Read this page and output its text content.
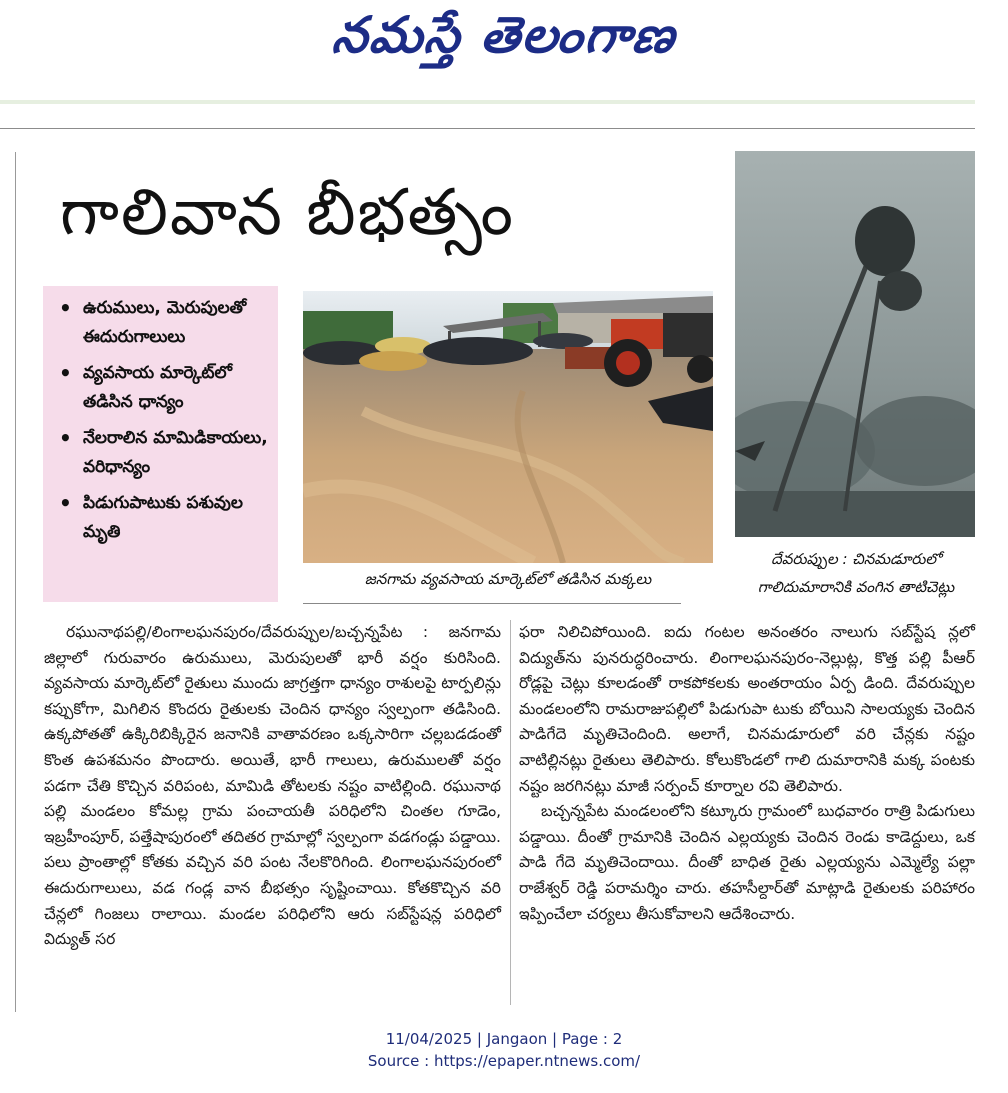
నమస్తే తెలంగాణ
గాలివాన బీభత్సం
• ఉరుములు, మెరుపులతో ఈదురుగాలులు
• వ్యవసాయ మార్కెట్‌లో తడిసిన ధాన్యం
• నేలరాలిన మామిడికాయలు, వరిధాన్యం
• పిడుగుపాటుకు పశువుల మృతి
జనగామ వ్యవసాయ మార్కెట్‌లో తడిసిన మక్కలు
దేవరుప్పుల : చినమడూరులో గాలిదుమారానికి వంగిన తాటిచెట్లు

రఘునాథపల్లి/లింగాలఘనపురం/దేవరుప్పుల/బచ్చన్నపేట : జనగామ జిల్లాలో గురువారం ఉరుములు, మెరుపులతో భారీ వర్షం కురిసింది. వ్యవసాయ మార్కెట్‌లో రైతులు ముందు జాగ్రత్తగా ధాన్యం రాశులపై టార్పలిన్లు కప్పుకోగా, మిగిలిన కొందరు రైతులకు చెందిన ధాన్యం స్వల్పంగా తడిసింది. ఉక్కపోతతో ఉక్కిరిబిక్కిరైన జనానికి వాతావరణం ఒక్కసారిగా చల్లబడడంతో కొంత ఉపశమనం పొందారు. అయితే, భారీ గాలులు, ఉరుములతో వర్షం పడగా చేతి కొచ్చిన వరిపంట, మామిడి తోటలకు నష్టం వాటిల్లింది. రఘునాథ పల్లి మండలం కోమల్ల గ్రామ పంచాయతీ పరిధిలోని చింతల గూడెం, ఇబ్రహీంపూర్, పత్తేషాపురంలో తదితర గ్రామాల్లో స్వల్పంగా వడగండ్లు పడ్డాయి. పలు ప్రాంతాల్లో కోతకు వచ్చిన వరి పంట నేలకొరిగింది. లింగాలఘనపురంలో ఈదురుగాలులు, వడ గండ్ల వాన బీభత్సం సృష్టించాయి. కోతకొచ్చిన వరి చేన్లలో గింజలు రాలాయి. మండల పరిధిలోని ఆరు సబ్‌స్టేషన్ల పరిధిలో విద్యుత్ సర

ఫరా నిలిచిపోయింది. ఐదు గంటల అనంతరం నాలుగు సబ్‌స్టేష న్లలో విద్యుత్‌ను పునరుద్ధరించారు. లింగాలఘనపురం-నెల్లుట్ల, కొత్త పల్లి పీఆర్ రోడ్లపై చెట్లు కూలడంతో రాకపోకలకు అంతరాయం ఏర్ప డింది. దేవరుప్పుల మండలంలోని రామరాజుపల్లిలో పిడుగుపా టుకు బోయిని సాలయ్యకు చెందిన పాడిగేదె మృతిచెందింది. అలాగే, చినమడూరులో వరి చేన్లకు నష్టం వాటిల్లినట్లు రైతులు తెలిపారు. కోలుకొండలో గాలి దుమారానికి మక్క పంటకు నష్టం జరగినట్లు మాజీ సర్పంచ్ కూర్నాల రవి తెలిపారు.

బచ్చన్నపేట మండలంలోని కట్కూరు గ్రామంలో బుధవారం రాత్రి పిడుగులు పడ్డాయి. దీంతో గ్రామానికి చెందిన ఎల్లయ్యకు చెందిన రెండు కాడెద్దులు, ఒక పాడి గేదె మృతిచెందాయి. దీంతో బాధిత రైతు ఎల్లయ్యను ఎమ్మెల్యే పల్లా రాజేశ్వర్ రెడ్డి పరామర్శిం చారు. తహసీల్దార్‌తో మాట్లాడి రైతులకు పరిహారం ఇప్పించేలా చర్యలు తీసుకోవాలని ఆదేశించారు.

11/04/2025 | Jangaon | Page : 2
Source : https://epaper.ntnews.com/
